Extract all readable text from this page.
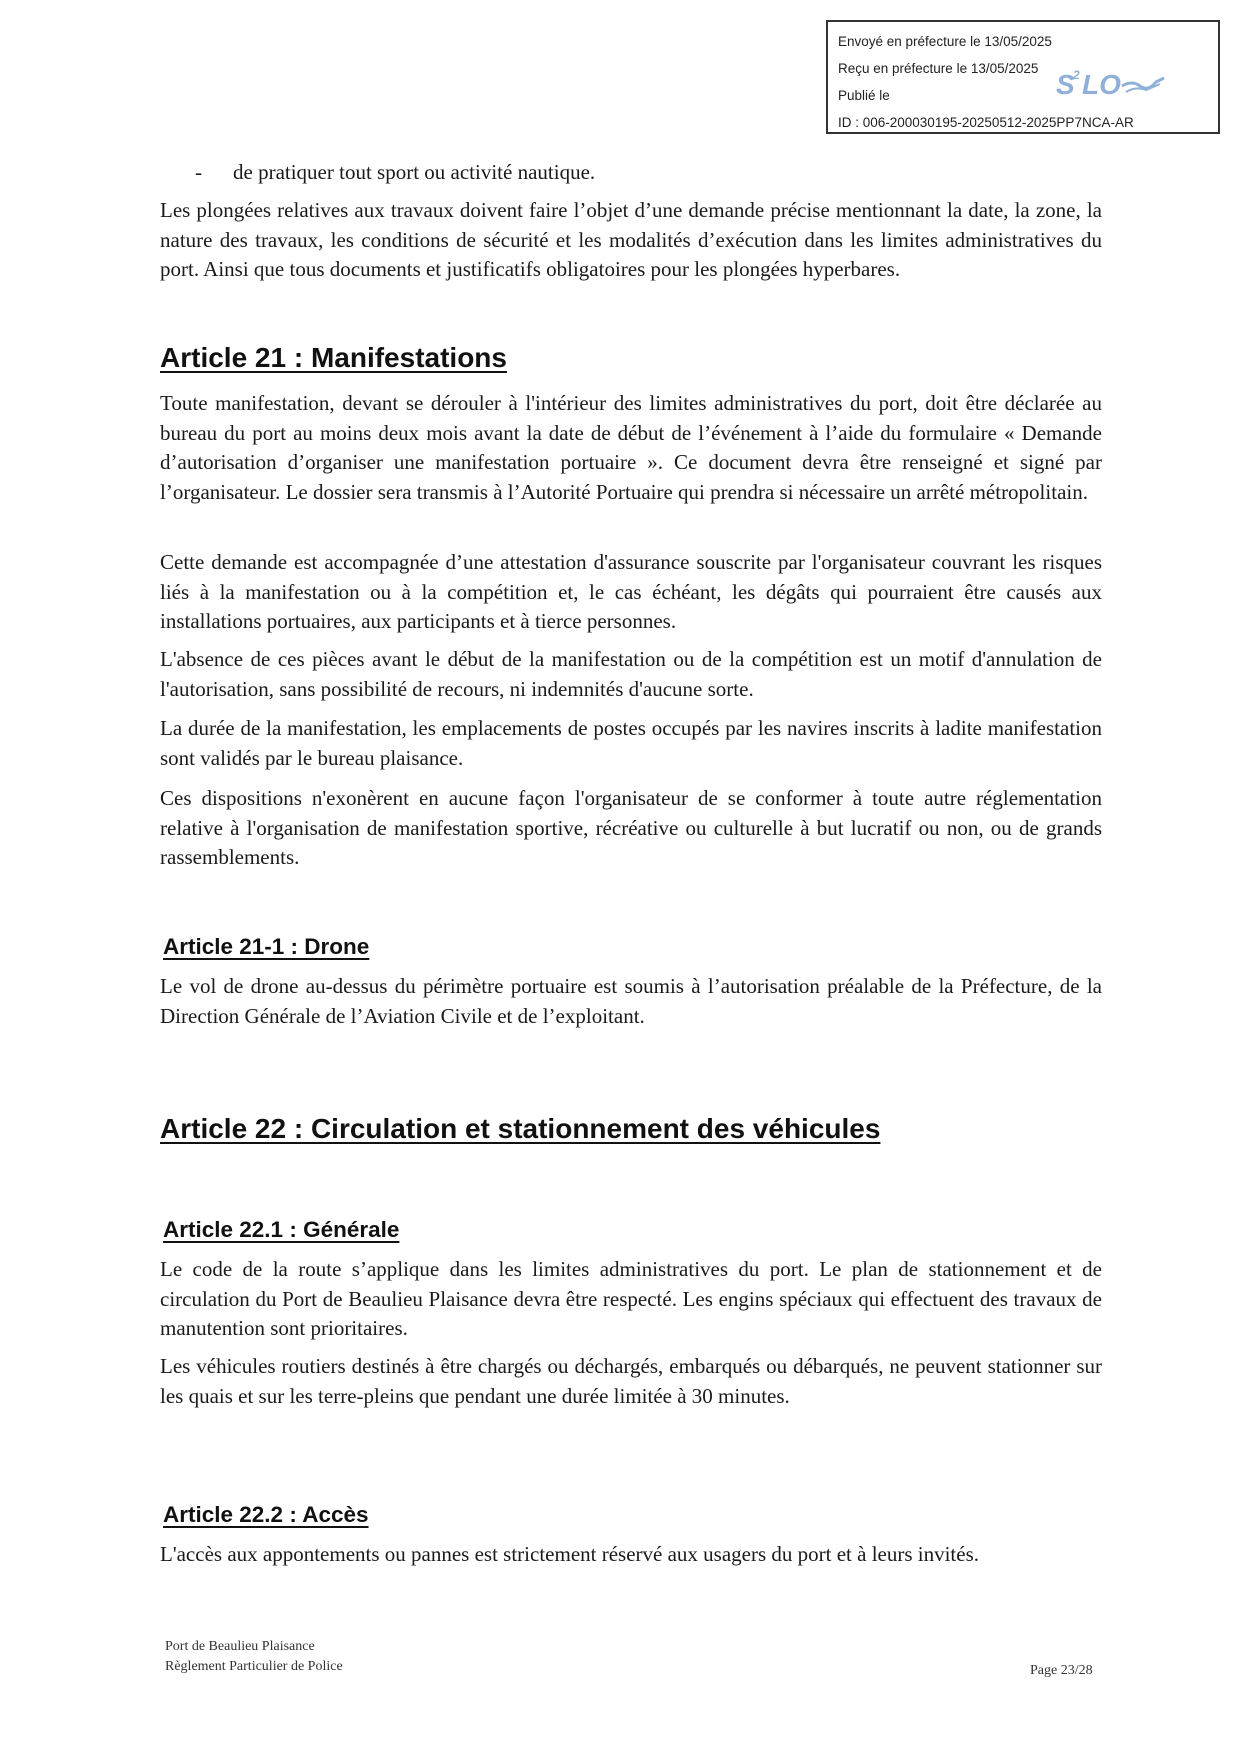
Envoyé en préfecture le 13/05/2025
Reçu en préfecture le 13/05/2025
Publié le
ID : 006-200030195-20250512-2025PP7NCA-AR
S
2 LO
- de pratiquer tout sport ou activité nautique.

Les plongées relatives aux travaux doivent faire l’objet d’une demande précise mentionnant la date, la zone, la nature des travaux, les conditions de sécurité et les modalités d’exécution dans les limites administratives du port. Ainsi que tous documents et justificatifs obligatoires pour les plongées hyperbares.

Article 21 : Manifestations

Toute manifestation, devant se dérouler à l'intérieur des limites administratives du port, doit être déclarée au bureau du port au moins deux mois avant la date de début de l’événement à l’aide du formulaire « Demande d’autorisation d’organiser une manifestation portuaire ». Ce document devra être renseigné et signé par l’organisateur. Le dossier sera transmis à l’Autorité Portuaire qui prendra si nécessaire un arrêté métropolitain.

Cette demande est accompagnée d’une attestation d'assurance souscrite par l'organisateur couvrant les risques liés à la manifestation ou à la compétition et, le cas échéant, les dégâts qui pourraient être causés aux installations portuaires, aux participants et à tierce personnes.

L'absence de ces pièces avant le début de la manifestation ou de la compétition est un motif d'annulation de l'autorisation, sans possibilité de recours, ni indemnités d'aucune sorte.

La durée de la manifestation, les emplacements de postes occupés par les navires inscrits à ladite manifestation sont validés par le bureau plaisance.

Ces dispositions n'exonèrent en aucune façon l'organisateur de se conformer à toute autre réglementation relative à l'organisation de manifestation sportive, récréative ou culturelle à but lucratif ou non, ou de grands rassemblements.

Article 21-1 : Drone

Le vol de drone au-dessus du périmètre portuaire est soumis à l’autorisation préalable de la Préfecture, de la Direction Générale de l’Aviation Civile et de l’exploitant.

Article 22 : Circulation et stationnement des véhicules
Article 22.1 : Générale

Le code de la route s’applique dans les limites administratives du port. Le plan de stationnement et de circulation du Port de Beaulieu Plaisance devra être respecté. Les engins spéciaux qui effectuent des travaux de manutention sont prioritaires.

Les véhicules routiers destinés à être chargés ou déchargés, embarqués ou débarqués, ne peuvent stationner sur les quais et sur les terre-pleins que pendant une durée limitée à 30 minutes.

Article 22.2 : Accès

L'accès aux appontements ou pannes est strictement réservé aux usagers du port et à leurs invités.

Port de Beaulieu Plaisance
Règlement Particulier de Police	Page 23/28
